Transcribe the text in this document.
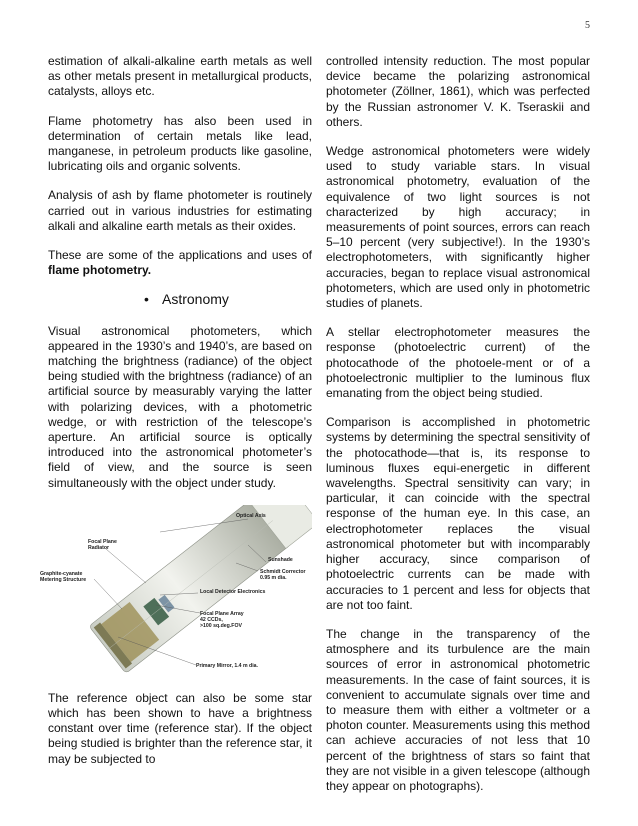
5

estimation of alkali-alkaline earth metals as well as other metals present in metallurgical products, catalysts, alloys etc.

Flame photometry has also been used in determination of certain metals like lead, manganese, in petroleum products like gasoline, lubricating oils and organic solvents.

Analysis of ash by flame photometer is routinely carried out in various industries for estimating alkali and alkaline earth metals as their oxides.

These are some of the applications and uses of flame photometry.

• Astronomy

Visual astronomical photometers, which appeared in the 1930’s and 1940’s, are based on matching the brightness (radiance) of the object being studied with the brightness (radiance) of an artificial source by measurably varying the latter with polarizing devices, with a photometric wedge, or with restriction of the telescope’s aperture. An artificial source is optically introduced into the astronomical photometer’s field of view, and the source is seen simultaneously with the object under study.

Optical Axis
Focal Plane
Radiator
Sunshade
Schmidt Corrector
0.95 m dia.
Graphite-cyanate
Metering Structure
Local Detector Electronics
Focal Plane Array
42 CCDs,
>100 sq.deg.FOV
Primary Mirror, 1.4 m dia.

The reference object can also be some star which has been shown to have a brightness constant over time (reference star). If the object being studied is brighter than the reference star, it may be subjected to

controlled intensity reduction. The most popular device became the polarizing astronomical photometer (Zöllner, 1861), which was perfected by the Russian astronomer V. K. Tseraskii and others.

Wedge astronomical photometers were widely used to study variable stars. In visual astronomical photometry, evaluation of the equivalence of two light sources is not characterized by high accuracy; in measurements of point sources, errors can reach 5–10 percent (very subjective!). In the 1930’s electrophotometers, with significantly higher accuracies, began to replace visual astronomical photometers, which are used only in photometric studies of planets.

A stellar electrophotometer measures the response (photoelectric current) of the photocathode of the photoele-ment or of a photoelectronic multiplier to the luminous flux emanating from the object being studied.

Comparison is accomplished in photometric systems by determining the spectral sensitivity of the photocathode—that is, its response to luminous fluxes equi-energetic in different wavelengths. Spectral sensitivity can vary; in particular, it can coincide with the spectral response of the human eye. In this case, an electrophotometer replaces the visual astronomical photometer but with incomparably higher accuracy, since comparison of photoelectric currents can be made with accuracies to 1 percent and less for objects that are not too faint.

The change in the transparency of the atmosphere and its turbulence are the main sources of error in astronomical photometric measurements. In the case of faint sources, it is convenient to accumulate signals over time and to measure them with either a voltmeter or a photon counter. Measurements using this method can achieve accuracies of not less that 10 percent of the brightness of stars so faint that they are not visible in a given telescope (although they appear on photographs).
